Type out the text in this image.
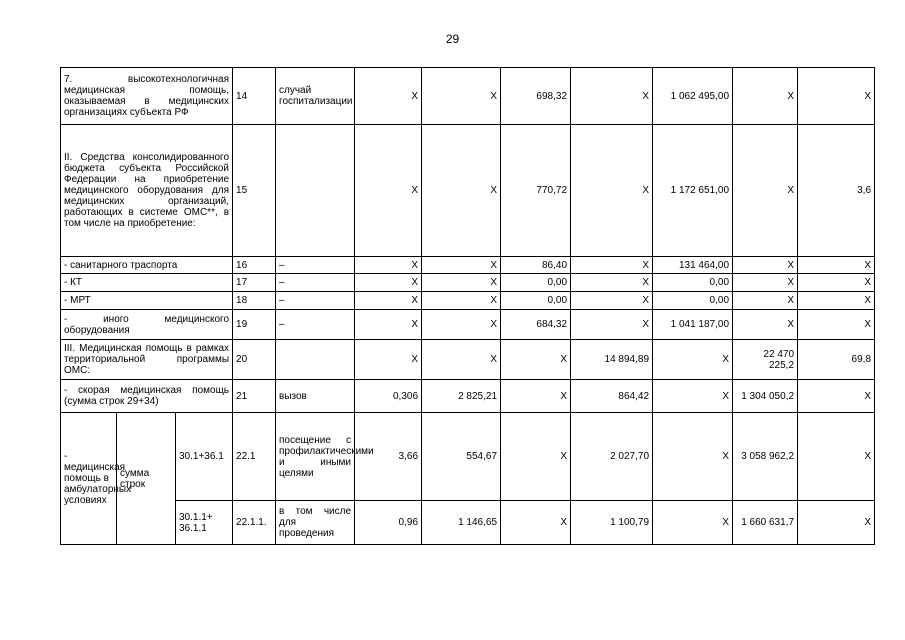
29
7. высокотехнологичная медицинская помощь, оказываемая в медицинских организациях субъекта РФ			14	случай госпитализации	X	X	698,32	X	1 062 495,00	X	X
II. Средства консолидированного бюджета субъекта Российской Федерации на приобретение медицинского оборудования для медицинских организаций, работающих в системе ОМС**, в том числе на приобретение:			15		X	X	770,72	X	1 172 651,00	X	3,6
- санитарного траспорта			16	–	X	X	86,40	X	131 464,00	X	X
- КТ			17	–	X	X	0,00	X	0,00	X	X
- МРТ			18	–	X	X	0,00	X	0,00	X	X
- иного медицинского оборудования			19	–	X	X	684,32	X	1 041 187,00	X	X
III. Медицинская помощь в рамках территориальной программы ОМС:			20		X	X	X	14 894,89	X	22 470 225,2	69,8
- скорая медицинская помощь (сумма строк 29+34)			21	вызов	0,306	2 825,21	X	864,42	X	1 304 050,2	X
- медицинская помощь в амбулаторных условиях	сумма строк	30.1+36.1	22.1	посещение с профилактическими и иными целями	3,66	554,67	X	2 027,70	X	3 058 962,2	X
		30.1.1+ 36.1.1	22.1.1.	в том числе для проведения	0,96	1 146,65	X	1 100,79	X	1 660 631,7	X
